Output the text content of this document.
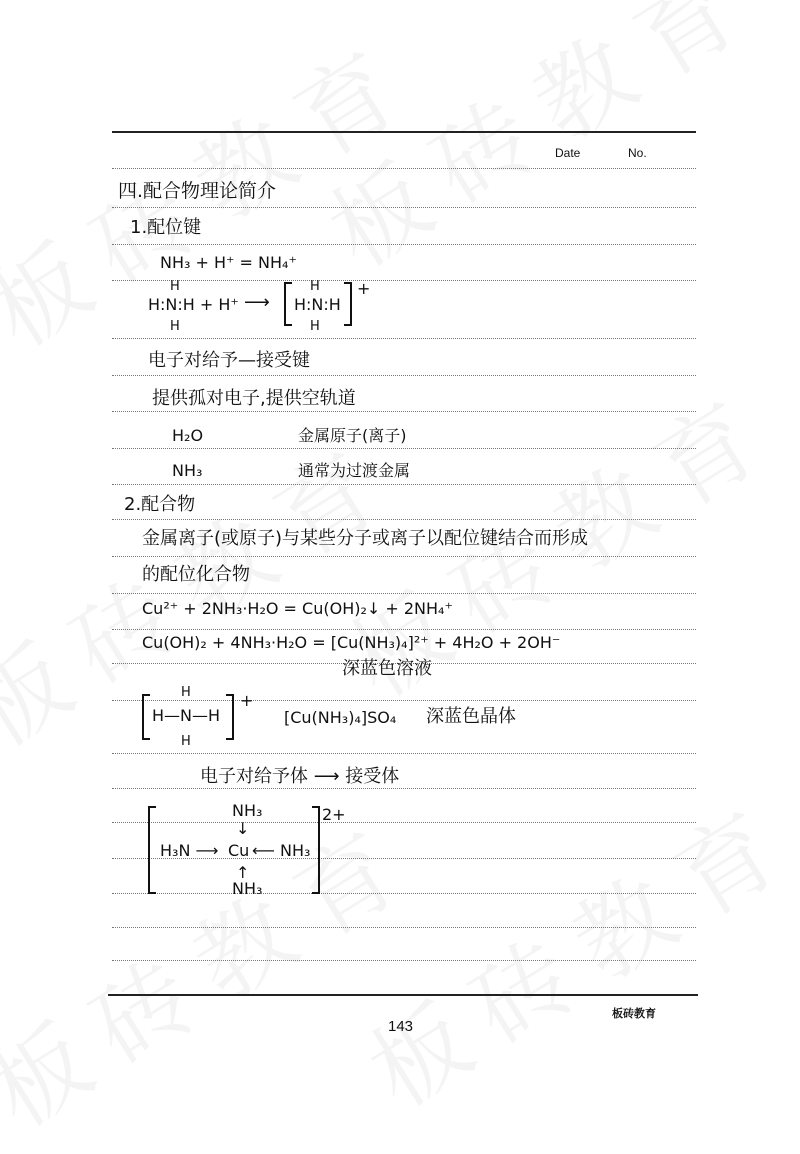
Date	No.
四.配合物理论简介
1.配位键
NH₃ + H⁺ = NH₄⁺
H:N:H + H⁺
H
H
⟶ H:N:H
H
H
+
电子对给予—接受键
提供孤对电子,提供空轨道
H₂O	金属原子(离子)
NH₃	通常为过渡金属
2.配合物
金属离子(或原子)与某些分子或离子以配位键结合而形成
的配位化合物
Cu²⁺ + 2NH₃·H₂O = Cu(OH)₂↓ + 2NH₄⁺
Cu(OH)₂ + 4NH₃·H₂O = [Cu(NH₃)₄]²⁺ + 4H₂O + 2OH⁻
深蓝色溶液
H
H—N—H
H
+
[Cu(NH₃)₄]SO₄ 深蓝色晶体
电子对给予体 ⟶ 接受体
NH₃
↓
H₃N ⟶ Cu ⟵ NH₃
↑
NH₃
2+
143
板砖教育
